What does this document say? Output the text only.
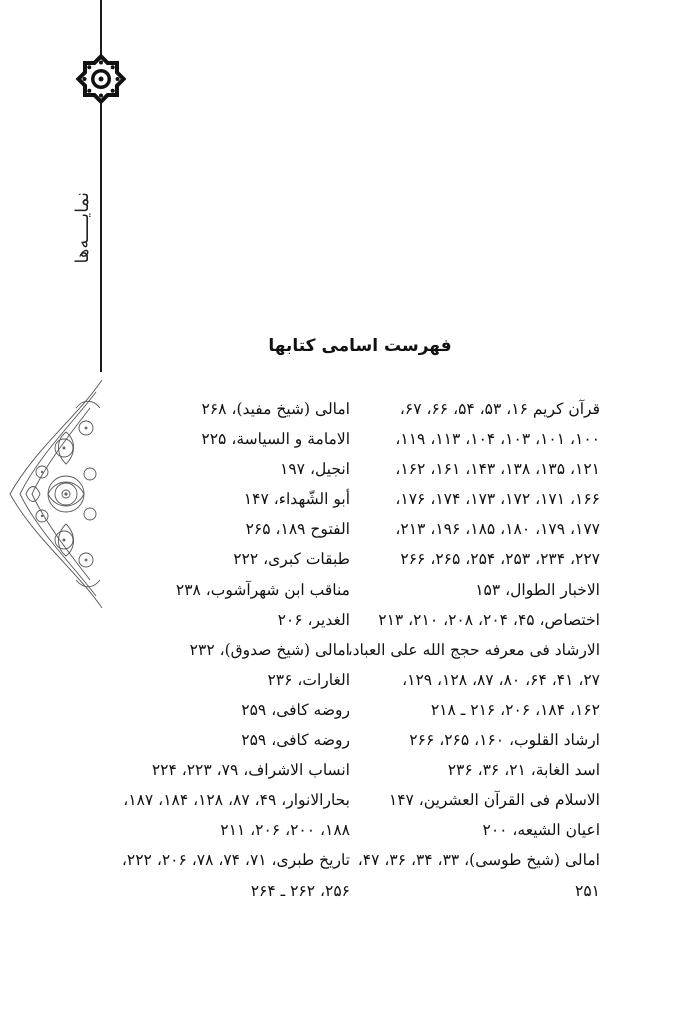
نمایــــه‌ها
فهرست اسامی کتابها
قرآن کریم ۱۶، ۵۳، ۵۴، ۶۶، ۶۷،
۱۰۰، ۱۰۱، ۱۰۳، ۱۰۴، ۱۱۳، ۱۱۹،
۱۲۱، ۱۳۵، ۱۳۸، ۱۴۳، ۱۶۱، ۱۶۲،
۱۶۶، ۱۷۱، ۱۷۲، ۱۷۳، ۱۷۴، ۱۷۶،
۱۷۷، ۱۷۹، ۱۸۰، ۱۸۵، ۱۹۶، ۲۱۳،
۲۲۷، ۲۳۴، ۲۵۳، ۲۵۴، ۲۶۵، ۲۶۶
الاخبار الطوال، ۱۵۳
اختصاص، ۴۵، ۲۰۴، ۲۰۸، ۲۱۰، ۲۱۳
الارشاد فی معرفه حجج الله علی العباد،
۲۷، ۴۱، ۶۴، ۸۰، ۸۷، ۱۲۸، ۱۲۹،
۱۶۲، ۱۸۴، ۲۰۶، ۲۱۶ ـ ۲۱۸
ارشاد القلوب، ۱۶۰، ۲۶۵، ۲۶۶
اسد الغابة، ۲۱، ۳۶، ۲۳۶
الاسلام فی القرآن العشرین، ۱۴۷
اعیان الشیعه، ۲۰۰
امالی (شیخ طوسی)، ۳۳، ۳۴، ۳۶، ۴۷،
۲۵۱
امالی (شیخ مفید)، ۲۶۸
الامامة و السیاسة، ۲۲۵
انجیل، ۱۹۷
أبو الشّهداء، ۱۴۷
الفتوح ۱۸۹، ۲۶۵
طبقات کبری، ۲۲۲
مناقب ابن شهرآشوب، ۲۳۸
الغدیر، ۲۰۶
امالی (شیخ صدوق)، ۲۳۲
الغارات، ۲۳۶
روضه کافی، ۲۵۹
روضه کافی، ۲۵۹
انساب الاشراف، ۷۹، ۲۲۳، ۲۲۴
بحارالانوار، ۴۹، ۸۷، ۱۲۸، ۱۸۴، ۱۸۷،
۱۸۸، ۲۰۰، ۲۰۶، ۲۱۱
تاریخ طبری، ۷۱، ۷۴، ۷۸، ۲۰۶، ۲۲۲،
۲۵۶، ۲۶۲ ـ ۲۶۴
